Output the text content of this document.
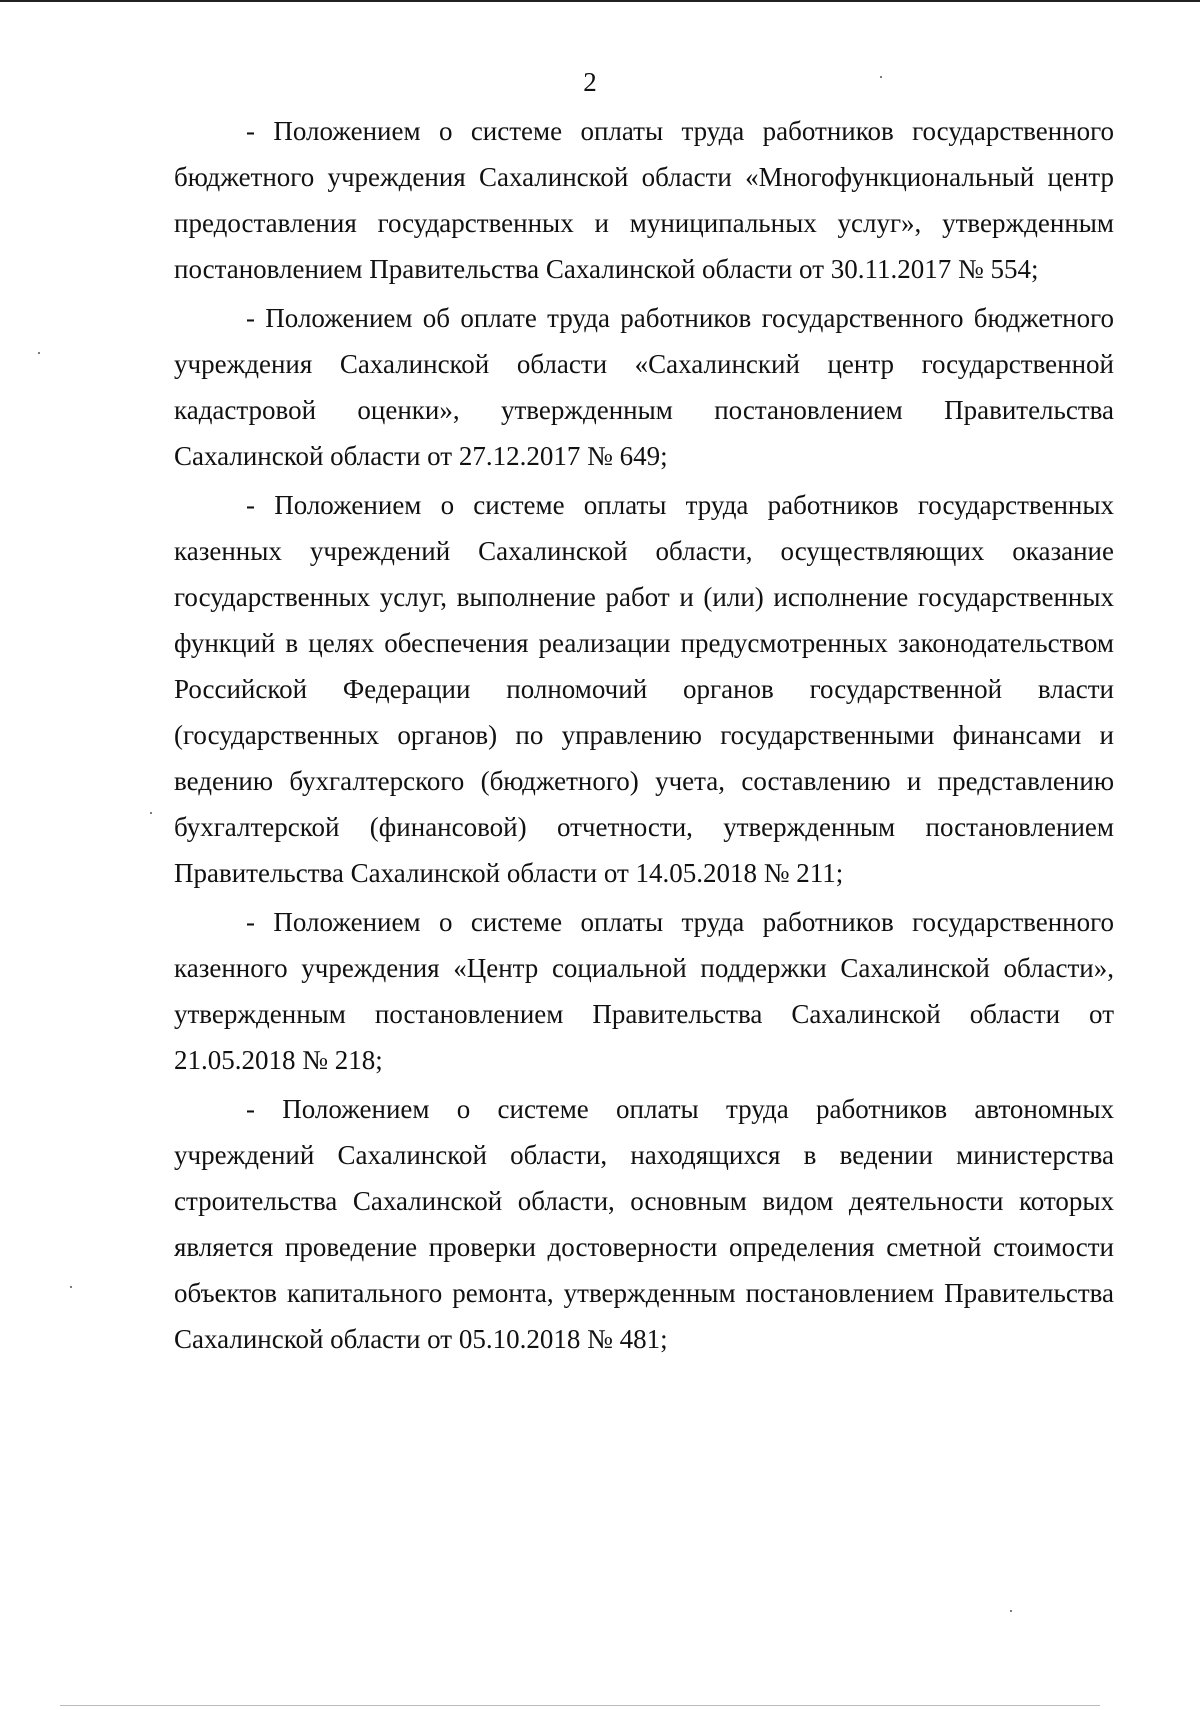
2

- Положением о системе оплаты труда работников государственного бюджетного учреждения Сахалинской области «Многофункциональный центр предоставления государственных и муниципальных услуг», утвержденным постановлением Правительства Сахалинской области от 30.11.2017 № 554;

- Положением об оплате труда работников государственного бюджетного учреждения Сахалинской области «Сахалинский центр государственной кадастровой оценки», утвержденным постановлением Правительства Сахалинской области от 27.12.2017 № 649;

- Положением о системе оплаты труда работников государственных казенных учреждений Сахалинской области, осуществляющих оказание государственных услуг, выполнение работ и (или) исполнение государственных функций в целях обеспечения реализации предусмотренных законодательством Российской Федерации полномочий органов государственной власти (государственных органов) по управлению государственными финансами и ведению бухгалтерского (бюджетного) учета, составлению и представлению бухгалтерской (финансовой) отчетности, утвержденным постановлением Правительства Сахалинской области от 14.05.2018 № 211;

- Положением о системе оплаты труда работников государственного казенного учреждения «Центр социальной поддержки Сахалинской области», утвержденным постановлением Правительства Сахалинской области от 21.05.2018 № 218;

- Положением о системе оплаты труда работников автономных учреждений Сахалинской области, находящихся в ведении министерства строительства Сахалинской области, основным видом деятельности которых является проведение проверки достоверности определения сметной стоимости объектов капитального ремонта, утвержденным постановлением Правительства Сахалинской области от 05.10.2018 № 481;
